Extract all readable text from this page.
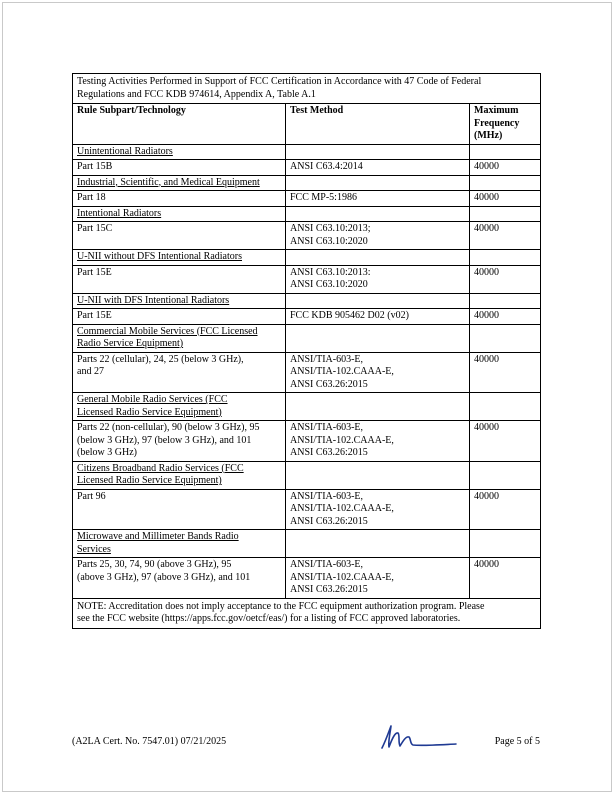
Testing Activities Performed in Support of FCC Certification in Accordance with 47 Code of Federal
Regulations and FCC KDB 974614, Appendix A, Table A.1		

Rule Subpart/Technology	Test Method	Maximum
Frequency
(MHz)

Unintentional Radiators		

Part 15B	ANSI C63.4:2014	40000

Industrial, Scientific, and Medical Equipment		

Part 18	FCC MP-5:1986	40000

Intentional Radiators		

Part 15C	ANSI C63.10:2013;
ANSI C63.10:2020	40000

U-NII without DFS Intentional Radiators		

Part 15E	ANSI C63.10:2013:
ANSI C63.10:2020	40000

U-NII with DFS Intentional Radiators		

Part 15E	FCC KDB 905462 D02 (v02)	40000

Commercial Mobile Services (FCC Licensed
Radio Service Equipment)		

Parts 22 (cellular), 24, 25 (below 3 GHz),
and 27	ANSI/TIA-603-E,
ANSI/TIA-102.CAAA-E,
ANSI C63.26:2015	40000

General Mobile Radio Services (FCC
Licensed Radio Service Equipment)		

Parts 22 (non-cellular), 90 (below 3 GHz), 95
(below 3 GHz), 97 (below 3 GHz), and 101
(below 3 GHz)	ANSI/TIA-603-E,
ANSI/TIA-102.CAAA-E,
ANSI C63.26:2015	40000

Citizens Broadband Radio Services (FCC
Licensed Radio Service Equipment)		

Part 96	ANSI/TIA-603-E,
ANSI/TIA-102.CAAA-E,
ANSI C63.26:2015	40000

Microwave and Millimeter Bands Radio
Services		

Parts 25, 30, 74, 90 (above 3 GHz), 95
(above 3 GHz), 97 (above 3 GHz), and 101	ANSI/TIA-603-E,
ANSI/TIA-102.CAAA-E,
ANSI C63.26:2015	40000

NOTE: Accreditation does not imply acceptance to the FCC equipment authorization program. Please
see the FCC website (https://apps.fcc.gov/oetcf/eas/) for a listing of FCC approved laboratories.		
(A2LA Cert. No. 7547.01) 07/21/2025	Page 5 of 5
